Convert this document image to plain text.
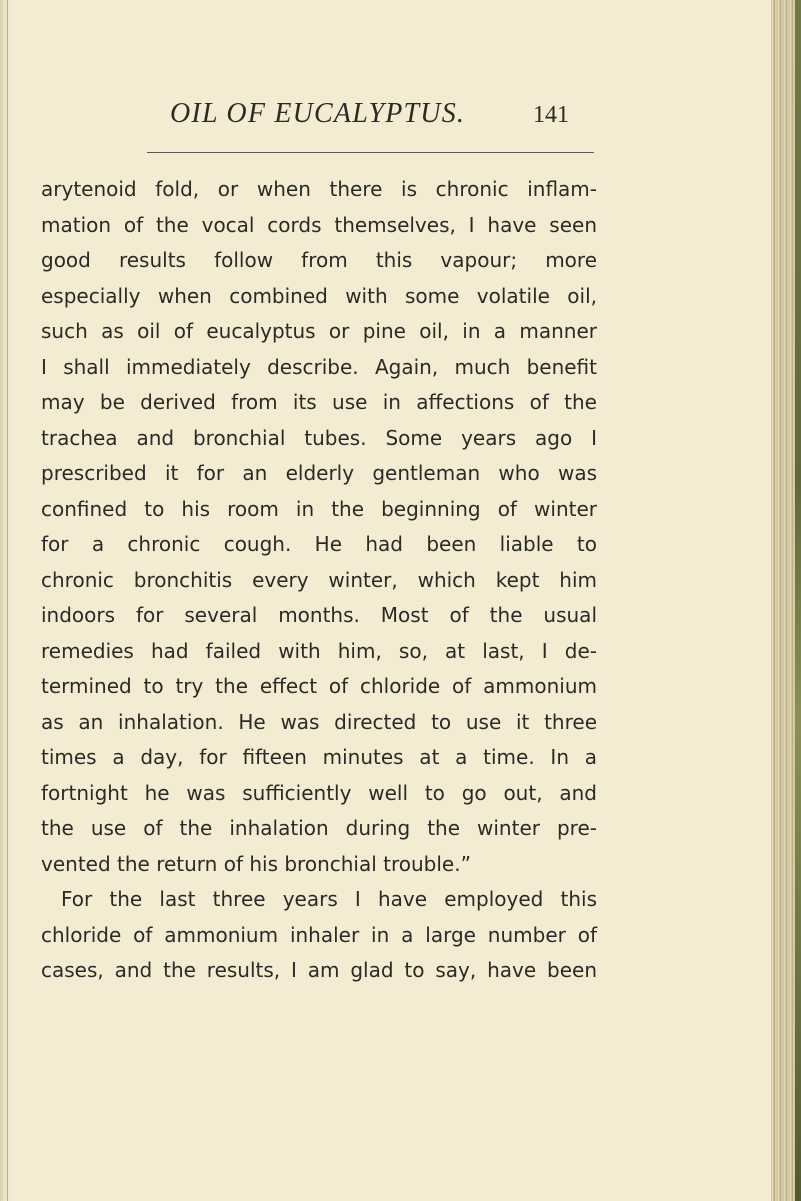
OIL OF EUCALYPTUS.	141
arytenoid fold, or when there is chronic inflam-
mation of the vocal cords themselves, I have seen
good results follow from this vapour; more
especially when combined with some volatile oil,
such as oil of eucalyptus or pine oil, in a manner
I shall immediately describe. Again, much benefit
may be derived from its use in affections of the
trachea and bronchial tubes. Some years ago I
prescribed it for an elderly gentleman who was
confined to his room in the beginning of winter
for a chronic cough. He had been liable to
chronic bronchitis every winter, which kept him
indoors for several months. Most of the usual
remedies had failed with him, so, at last, I de-
termined to try the effect of chloride of ammonium
as an inhalation. He was directed to use it three
times a day, for fifteen minutes at a time. In a
fortnight he was sufficiently well to go out, and
the use of the inhalation during the winter pre-
vented the return of his bronchial trouble.”
For the last three years I have employed this
chloride of ammonium inhaler in a large number of
cases, and the results, I am glad to say, have been
